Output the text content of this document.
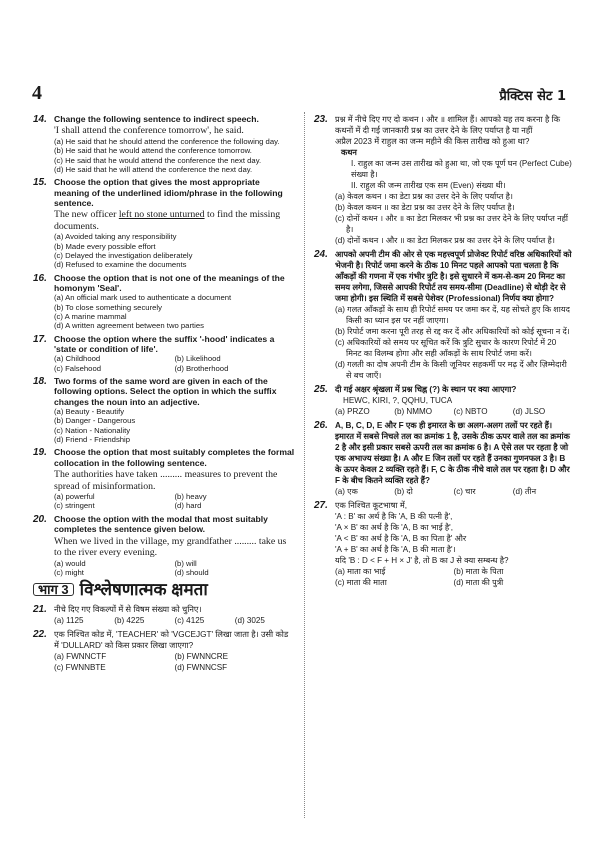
4	प्रैक्टिस सेट 1
14. Change the following sentence to indirect speech.
'I shall attend the conference tomorrow', he said.
(a) He said that he should attend the conference the following day.
(b) He said that he would attend the conference tomorrow.
(c) He said that he would attend the conference the next day.
(d) He said that he will attend the conference the next day.
15. Choose the option that gives the most appropriate meaning of the underlined idiom/phrase in the following sentence.
The new officer left no stone unturned to find the missing documents.
(a) Avoided taking any responsibility
(b) Made every possible effort
(c) Delayed the investigation deliberately
(d) Refused to examine the documents
16. Choose the option that is not one of the meanings of the homonym 'Seal'.
(a) An official mark used to authenticate a document
(b) To close something securely
(c) A marine mammal
(d) A written agreement between two parties
17. Choose the option where the suffix '-hood' indicates a 'state or condition of life'.
(a) Childhood	(b) Likelihood
(c) Falsehood	(d) Brotherhood
18. Two forms of the same word are given in each of the following options. Select the option in which the suffix changes the noun into an adjective.
(a) Beauty - Beautify
(b) Danger - Dangerous
(c) Nation - Nationality
(d) Friend - Friendship
19. Choose the option that most suitably completes the formal collocation in the following sentence.
The authorities have taken ......... measures to prevent the spread of misinformation.
(a) powerful	(b) heavy
(c) stringent	(d) hard
20. Choose the option with the modal that most suitably completes the sentence given below.
When we lived in the village, my grandfather ......... take us to the river every evening.
(a) would	(b) will
(c) might	(d) should
भाग 3 विश्लेषणात्मक क्षमता
21. नीचे दिए गए विकल्पों में से विषम संख्या को चुनिए।
(a) 1125	(b) 4225	(c) 4125	(d) 3025
22. एक निश्चित कोड में, 'TEACHER' को 'VGCEJGT' लिखा जाता है। उसी कोड में 'DULLARD' को किस प्रकार लिखा जाएगा?
(a) FWNNCTF	(b) FWNNCRE
(c) FWNNBTE	(d) FWNNCSF
23. प्रश्न में नीचे दिए गए दो कथन । और ॥ शामिल हैं। आपको यह तय करना है कि कथनों में दी गई जानकारी प्रश्न का उत्तर देने के लिए पर्याप्त है या नहीं
अप्रैल 2023 में राहुल का जन्म महीने की किस तारीख को हुआ था?
कथन
I. राहुल का जन्म उस तारीख को हुआ था, जो एक पूर्ण घन (Perfect Cube) संख्या है।
II. राहुल की जन्म तारीख एक सम (Even) संख्या थी।
(a) केवल कथन । का डेटा प्रश्न का उत्तर देने के लिए पर्याप्त है।
(b) केवल कथन ॥ का डेटा प्रश्न का उत्तर देने के लिए पर्याप्त है।
(c) दोनों कथन । और ॥ का डेटा मिलकर भी प्रश्न का उत्तर देने के लिए पर्याप्त नहीं है।
(d) दोनों कथन । और ॥ का डेटा मिलकर प्रश्न का उत्तर देने के लिए पर्याप्त है।
24. आपको अपनी टीम की ओर से एक महत्त्वपूर्ण प्रोजेक्ट रिपोर्ट वरिष्ठ अधिकारियों को भेजनी है। रिपोर्ट जमा करने के ठीक 10 मिनट पहले आपको पता चलता है कि आँकड़ों की गणना में एक गंभीर त्रुटि है। इसे सुधारने में कम-से-कम 20 मिनट का समय लगेगा, जिससे आपकी रिपोर्ट तय समय-सीमा (Deadline) से थोड़ी देर से जमा होगी। इस स्थिति में सबसे पेशेवर (Professional) निर्णय क्या होगा?
(a) गलत आँकड़ों के साथ ही रिपोर्ट समय पर जमा कर दें, यह सोचते हुए कि शायद किसी का ध्यान इस पर नहीं जाएगा।
(b) रिपोर्ट जमा करना पूरी तरह से रद्द कर दें और अधिकारियों को कोई सूचना न दें।
(c) अधिकारियों को समय पर सूचित करें कि त्रुटि सुधार के कारण रिपोर्ट में 20 मिनट का विलम्ब होगा और सही आँकड़ों के साथ रिपोर्ट जमा करें।
(d) गलती का दोष अपनी टीम के किसी जूनियर सहकर्मी पर मढ़ दें और ज़िम्मेदारी से बच जाएँ।
25. दी गई अक्षर श्रृंखला में प्रश्न चिह्न (?) के स्थान पर क्या आएगा?
HEWC, KIRI, ?, QQHU, TUCA
(a) PRZO	(b) NMMO	(c) NBTO	(d) JLSO
26. A, B, C, D, E और F एक ही इमारत के छः अलग-अलग तलों पर रहते हैं। इमारत में सबसे निचले तल का क्रमांक 1 है, उसके ठीक ऊपर वाले तल का क्रमांक 2 है और इसी प्रकार सबसे ऊपरी तल का क्रमांक 6 है। A ऐसे तल पर रहता है जो एक अभाज्य संख्या है। A और E जिन तलों पर रहते हैं उनका गुणनफल 3 है। B के ऊपर केवल 2 व्यक्ति रहते हैं। F, C के ठीक नीचे वाले तल पर रहता है। D और F के बीच कितने व्यक्ति रहते हैं?
(a) एक	(b) दो	(c) चार	(d) तीन
27. एक निश्चित कूटभाषा में,
'A : B' का अर्थ है कि 'A, B की पत्नी है',
'A × B' का अर्थ है कि 'A, B का भाई है',
'A < B' का अर्थ है कि 'A, B का पिता है' और
'A + B' का अर्थ है कि 'A, B की माता है'।
यदि 'B : D < F + H × J' है, तो B का J से क्या सम्बन्ध है?
(a) माता का भाई	(b) माता के पिता
(c) माता की माता	(d) माता की पुत्री
